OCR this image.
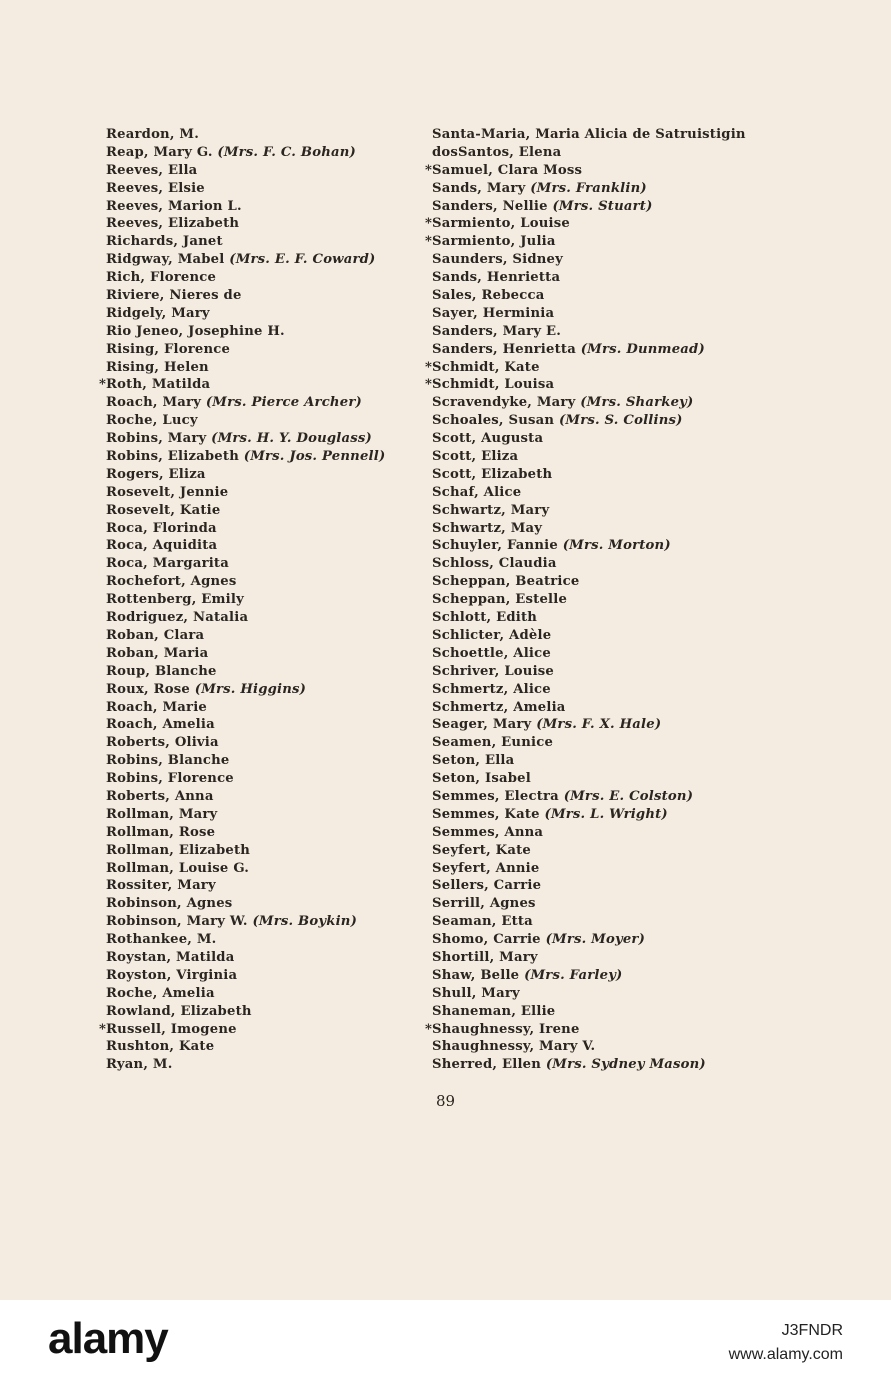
Reardon, M.
Reap, Mary G. (Mrs. F. C. Bohan)
Reeves, Ella
Reeves, Elsie
Reeves, Marion L.
Reeves, Elizabeth
Richards, Janet
Ridgway, Mabel (Mrs. E. F. Coward)
Rich, Florence
Riviere, Nieres de
Ridgely, Mary
Rio Jeneo, Josephine H.
Rising, Florence
Rising, Helen
*Roth, Matilda
Roach, Mary (Mrs. Pierce Archer)
Roche, Lucy
Robins, Mary (Mrs. H. Y. Douglass)
Robins, Elizabeth (Mrs. Jos. Pennell)
Rogers, Eliza
Rosevelt, Jennie
Rosevelt, Katie
Roca, Florinda
Roca, Aquidita
Roca, Margarita
Rochefort, Agnes
Rottenberg, Emily
Rodriguez, Natalia
Roban, Clara
Roban, Maria
Roup, Blanche
Roux, Rose (Mrs. Higgins)
Roach, Marie
Roach, Amelia
Roberts, Olivia
Robins, Blanche
Robins, Florence
Roberts, Anna
Rollman, Mary
Rollman, Rose
Rollman, Elizabeth
Rollman, Louise G.
Rossiter, Mary
Robinson, Agnes
Robinson, Mary W. (Mrs. Boykin)
Rothankee, M.
Roystan, Matilda
Royston, Virginia
Roche, Amelia
Rowland, Elizabeth
*Russell, Imogene
Rushton, Kate
Ryan, M.
Santa-Maria, Maria Alicia de Satruistigin
dosSantos, Elena
*Samuel, Clara Moss
Sands, Mary (Mrs. Franklin)
Sanders, Nellie (Mrs. Stuart)
*Sarmiento, Louise
*Sarmiento, Julia
Saunders, Sidney
Sands, Henrietta
Sales, Rebecca
Sayer, Herminia
Sanders, Mary E.
Sanders, Henrietta (Mrs. Dunmead)
*Schmidt, Kate
*Schmidt, Louisa
Scravendyke, Mary (Mrs. Sharkey)
Schoales, Susan (Mrs. S. Collins)
Scott, Augusta
Scott, Eliza
Scott, Elizabeth
Schaf, Alice
Schwartz, Mary
Schwartz, May
Schuyler, Fannie (Mrs. Morton)
Schloss, Claudia
Scheppan, Beatrice
Scheppan, Estelle
Schlott, Edith
Schlicter, Adèle
Schoettle, Alice
Schriver, Louise
Schmertz, Alice
Schmertz, Amelia
Seager, Mary (Mrs. F. X. Hale)
Seamen, Eunice
Seton, Ella
Seton, Isabel
Semmes, Electra (Mrs. E. Colston)
Semmes, Kate (Mrs. L. Wright)
Semmes, Anna
Seyfert, Kate
Seyfert, Annie
Sellers, Carrie
Serrill, Agnes
Seaman, Etta
Shomo, Carrie (Mrs. Moyer)
Shortill, Mary
Shaw, Belle (Mrs. Farley)
Shull, Mary
Shaneman, Ellie
*Shaughnessy, Irene
Shaughnessy, Mary V.
Sherred, Ellen (Mrs. Sydney Mason)
89
alamy	J3FNDR
www.alamy.com
